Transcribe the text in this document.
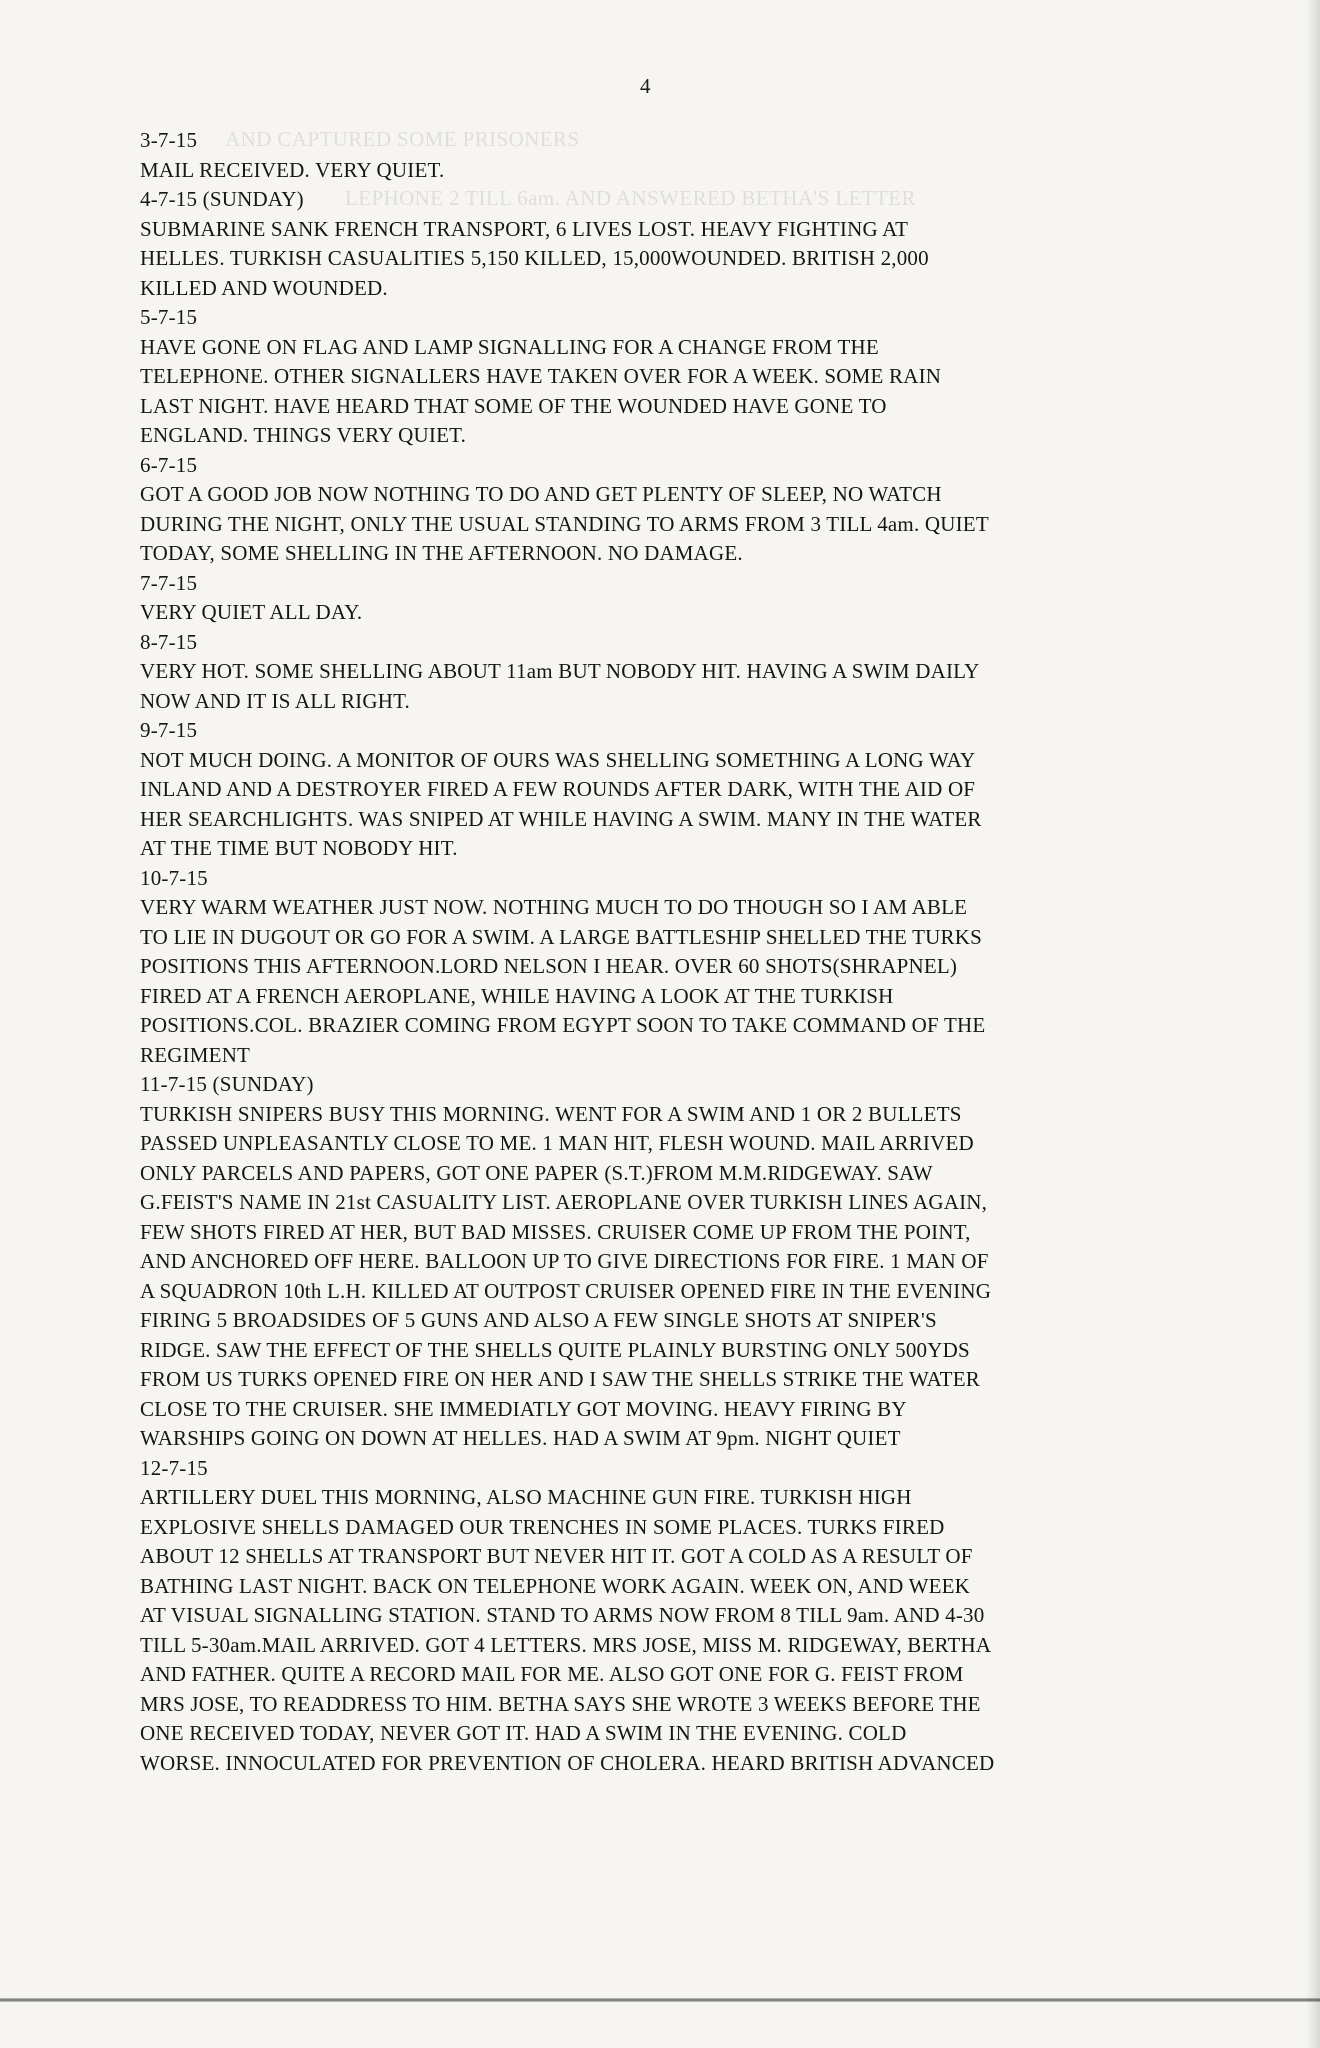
AND CAPTURED SOME PRISONERS
LEPHONE 2 TILL 6am. AND ANSWERED BETHA'S LETTER
4
3-7-15
MAIL RECEIVED. VERY QUIET.
4-7-15 (SUNDAY)
SUBMARINE SANK FRENCH TRANSPORT, 6 LIVES LOST. HEAVY FIGHTING AT
HELLES. TURKISH CASUALITIES 5,150 KILLED, 15,000WOUNDED. BRITISH 2,000
KILLED AND WOUNDED.
5-7-15
HAVE GONE ON FLAG AND LAMP SIGNALLING FOR A CHANGE FROM THE
TELEPHONE. OTHER SIGNALLERS HAVE TAKEN OVER FOR A WEEK. SOME RAIN
LAST NIGHT. HAVE HEARD THAT SOME OF THE WOUNDED HAVE GONE TO
ENGLAND. THINGS VERY QUIET.
6-7-15
GOT A GOOD JOB NOW NOTHING TO DO AND GET PLENTY OF SLEEP, NO WATCH
DURING THE NIGHT, ONLY THE USUAL STANDING TO ARMS FROM 3 TILL 4am. QUIET
TODAY, SOME SHELLING IN THE AFTERNOON. NO DAMAGE.
7-7-15
VERY QUIET ALL DAY.
8-7-15
VERY HOT. SOME SHELLING ABOUT 11am BUT NOBODY HIT. HAVING A SWIM DAILY
NOW AND IT IS ALL RIGHT.
9-7-15
NOT MUCH DOING. A MONITOR OF OURS WAS SHELLING SOMETHING A LONG WAY
INLAND AND A DESTROYER FIRED A FEW ROUNDS AFTER DARK, WITH THE AID OF
HER SEARCHLIGHTS. WAS SNIPED AT WHILE HAVING A SWIM. MANY IN THE WATER
AT THE TIME BUT NOBODY HIT.
10-7-15
VERY WARM WEATHER JUST NOW. NOTHING MUCH TO DO THOUGH SO I AM ABLE
TO LIE IN DUGOUT OR GO FOR A SWIM. A LARGE BATTLESHIP SHELLED THE TURKS
POSITIONS THIS AFTERNOON.LORD NELSON I HEAR. OVER 60 SHOTS(SHRAPNEL)
FIRED AT A FRENCH AEROPLANE, WHILE HAVING A LOOK AT THE TURKISH
POSITIONS.COL. BRAZIER COMING FROM EGYPT SOON TO TAKE COMMAND OF THE
REGIMENT
11-7-15 (SUNDAY)
TURKISH SNIPERS BUSY THIS MORNING. WENT FOR A SWIM AND 1 OR 2 BULLETS
PASSED UNPLEASANTLY CLOSE TO ME. 1 MAN HIT, FLESH WOUND. MAIL ARRIVED
ONLY PARCELS AND PAPERS, GOT ONE PAPER (S.T.)FROM M.M.RIDGEWAY. SAW
G.FEIST'S NAME IN 21st CASUALITY LIST. AEROPLANE OVER TURKISH LINES AGAIN,
FEW SHOTS FIRED AT HER, BUT BAD MISSES. CRUISER COME UP FROM THE POINT,
AND ANCHORED OFF HERE. BALLOON UP TO GIVE DIRECTIONS FOR FIRE. 1 MAN OF
A SQUADRON 10th L.H. KILLED AT OUTPOST CRUISER OPENED FIRE IN THE EVENING
FIRING 5 BROADSIDES OF 5 GUNS AND ALSO A FEW SINGLE SHOTS AT SNIPER'S
RIDGE. SAW THE EFFECT OF THE SHELLS QUITE PLAINLY BURSTING ONLY 500YDS
FROM US TURKS OPENED FIRE ON HER AND I SAW THE SHELLS STRIKE THE WATER
CLOSE TO THE CRUISER. SHE IMMEDIATLY GOT MOVING. HEAVY FIRING BY
WARSHIPS GOING ON DOWN AT HELLES. HAD A SWIM AT 9pm. NIGHT QUIET
12-7-15
ARTILLERY DUEL THIS MORNING, ALSO MACHINE GUN FIRE. TURKISH HIGH
EXPLOSIVE SHELLS DAMAGED OUR TRENCHES IN SOME PLACES. TURKS FIRED
ABOUT 12 SHELLS AT TRANSPORT BUT NEVER HIT IT. GOT A COLD AS A RESULT OF
BATHING LAST NIGHT. BACK ON TELEPHONE WORK AGAIN. WEEK ON, AND WEEK
AT VISUAL SIGNALLING STATION. STAND TO ARMS NOW FROM 8 TILL 9am. AND 4-30
TILL 5-30am.MAIL ARRIVED. GOT 4 LETTERS. MRS JOSE, MISS M. RIDGEWAY, BERTHA
AND FATHER. QUITE A RECORD MAIL FOR ME. ALSO GOT ONE FOR G. FEIST FROM
MRS JOSE, TO READDRESS TO HIM. BETHA SAYS SHE WROTE 3 WEEKS BEFORE THE
ONE RECEIVED TODAY, NEVER GOT IT. HAD A SWIM IN THE EVENING. COLD
WORSE. INNOCULATED FOR PREVENTION OF CHOLERA. HEARD BRITISH ADVANCED
